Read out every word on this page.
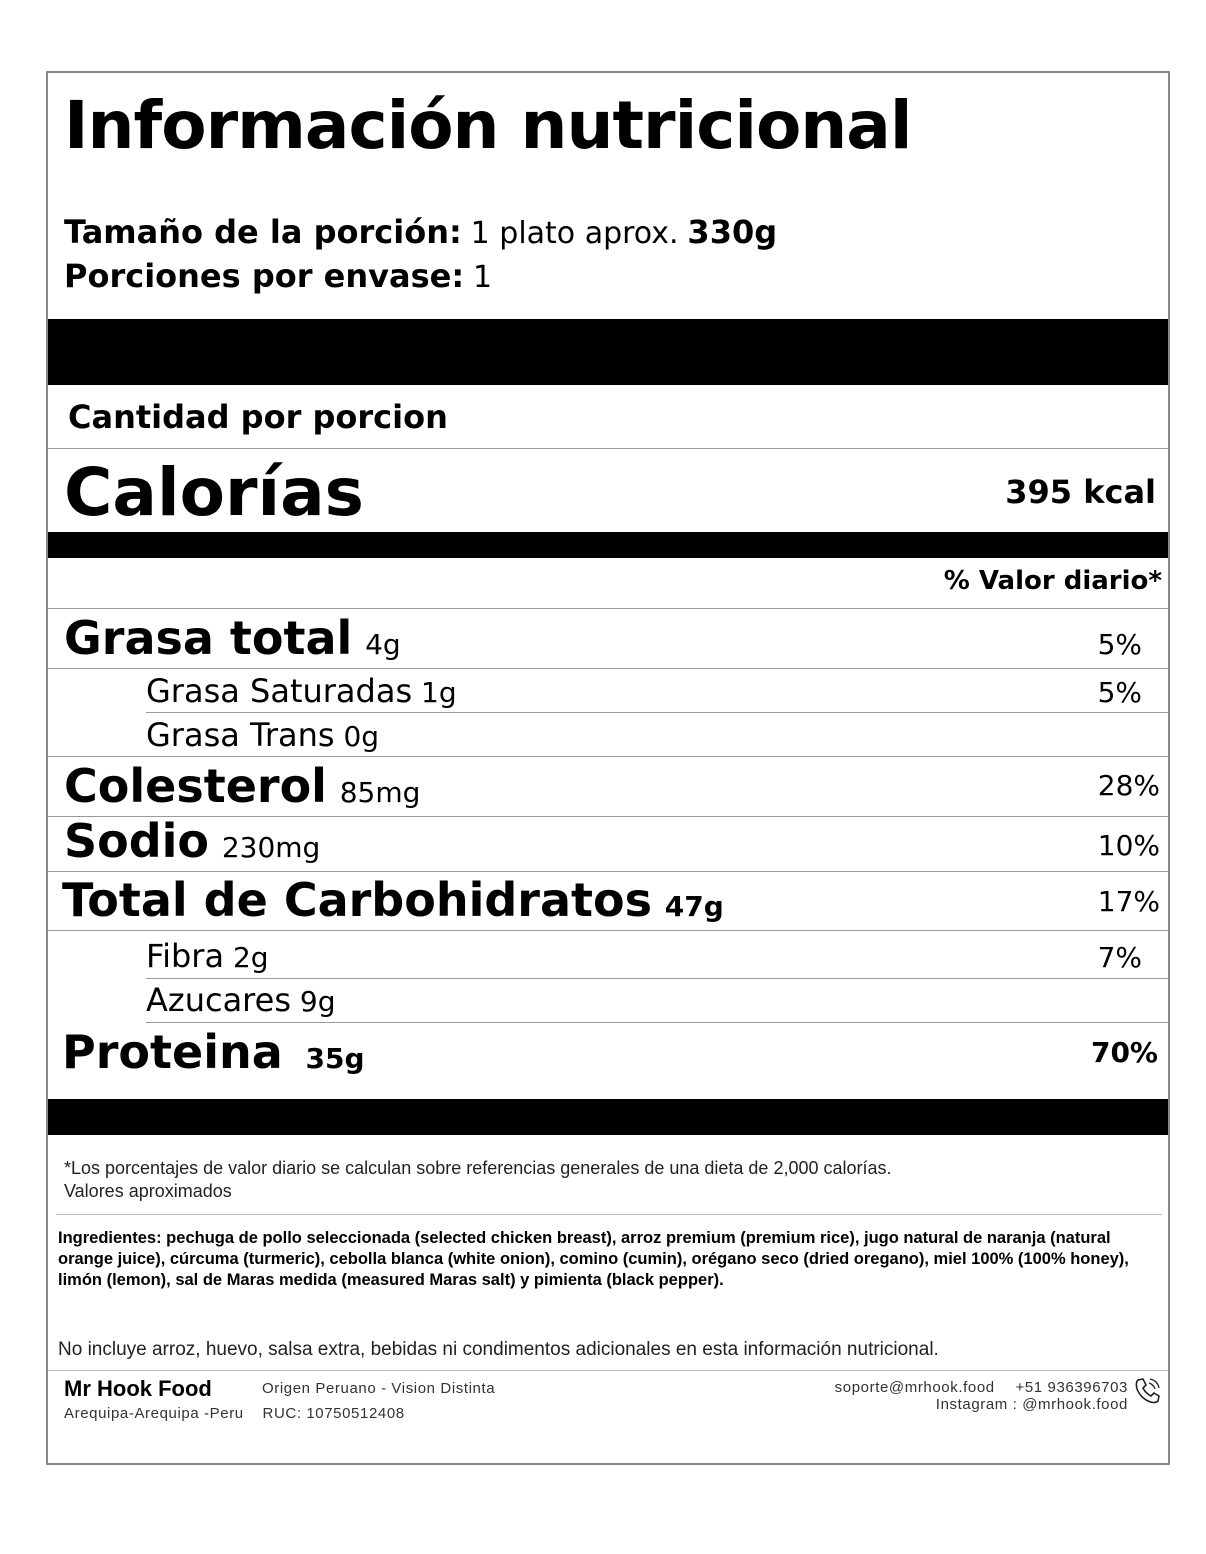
Información nutricional
Tamaño de la porción: 1 plato aprox. 330g
Porciones por envase: 1
Cantidad por porcion
Calorías	395 kcal
% Valor diario*
Grasa total 4g	5%
Grasa Saturadas 1g	5%
Grasa Trans 0g
Colesterol 85mg	28%
Sodio 230mg	10%
Total de Carbohidratos 47g	17%
Fibra 2g	7%
Azucares 9g
Proteina 35g	70%
*Los porcentajes de valor diario se calculan sobre referencias generales de una dieta de 2,000 calorías.
Valores aproximados
Ingredientes: pechuga de pollo seleccionada (selected chicken breast), arroz premium (premium rice), jugo natural de naranja (natural orange juice), cúrcuma (turmeric), cebolla blanca (white onion), comino (cumin), orégano seco (dried oregano), miel 100% (100% honey), limón (lemon), sal de Maras medida (measured Maras salt) y pimienta (black pepper).
No incluye arroz, huevo, salsa extra, bebidas ni condimentos adicionales en esta información nutricional.
Mr Hook Food	Origen Peruano - Vision Distinta
Arequipa-Arequipa -Peru RUC: 10750512408
soporte@mrhook.food +51 936396703
Instagram : @mrhook.food
